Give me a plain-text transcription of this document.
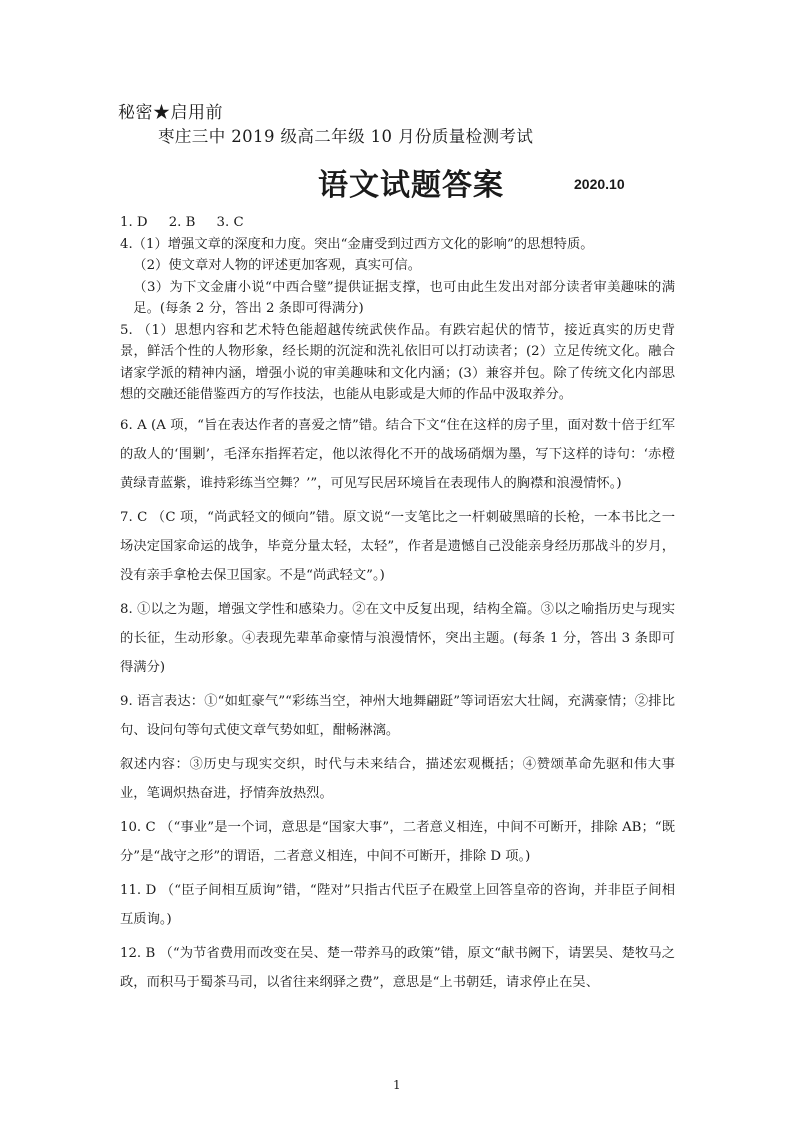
秘密★启用前
枣庄三中 2019 级高二年级 10 月份质量检测考试
语文试题答案	2020.10

1. D 2. B 3. C

4.（1）增强文章的深度和力度。突出“金庸受到过西方文化的影响”的思想特质。

（2）使文章对人物的评述更加客观，真实可信。

（3）为下文金庸小说“中西合璧”提供证据支撑，也可由此生发出对部分读者审美趣味的满足。(每条 2 分，答出 2 条即可得满分)

5. （1）思想内容和艺术特色能超越传统武侠作品。有跌宕起伏的情节，接近真实的历史背景，鲜活个性的人物形象，经长期的沉淀和洗礼依旧可以打动读者；(2）立足传统文化。融合诸家学派的精神内涵，增强小说的审美趣味和文化内涵；(3）兼容并包。除了传统文化内部思想的交融还能借鉴西方的写作技法，也能从电影或是大师的作品中汲取养分。

6. A (A 项，“旨在表达作者的喜爱之情”错。结合下文“住在这样的房子里，面对数十倍于红军的敌人的‘围剿’，毛泽东指挥若定，他以浓得化不开的战场硝烟为墨，写下这样的诗句：‘赤橙黄绿青蓝紫，谁持彩练当空舞？’”，可见写民居环境旨在表现伟人的胸襟和浪漫情怀。)

7. C （C 项，“尚武轻文的倾向”错。原文说“一支笔比之一杆刺破黑暗的长枪，一本书比之一场决定国家命运的战争，毕竟分量太轻，太轻”，作者是遗憾自己没能亲身经历那战斗的岁月，没有亲手拿枪去保卫国家。不是“尚武轻文”。)

8. ①以之为题，增强文学性和感染力。②在文中反复出现，结构全篇。③以之喻指历史与现实的长征，生动形象。④表现先辈革命豪情与浪漫情怀，突出主题。(每条 1 分，答出 3 条即可得满分)

9. 语言表达：①“如虹豪气”“彩练当空，神州大地舞翩跹”等词语宏大壮阔，充满豪情；②排比句、设问句等句式使文章气势如虹，酣畅淋漓。

叙述内容：③历史与现实交织，时代与未来结合，描述宏观概括；④赞颂革命先驱和伟大事业，笔调炽热奋进，抒情奔放热烈。

10. C （“事业”是一个词，意思是“国家大事”，二者意义相连，中间不可断开，排除 AB；“既分”是“战守之形”的谓语，二者意义相连，中间不可断开，排除 D 项。)

11. D （“臣子间相互质询”错，“陛对”只指古代臣子在殿堂上回答皇帝的咨询，并非臣子间相互质询。)

12. B （“为节省费用而改变在吴、楚一带养马的政策”错，原文“献书阙下，请罢吴、楚牧马之政，而积马于蜀茶马司，以省往来纲驿之费”，意思是“上书朝廷，请求停止在吴、

1
